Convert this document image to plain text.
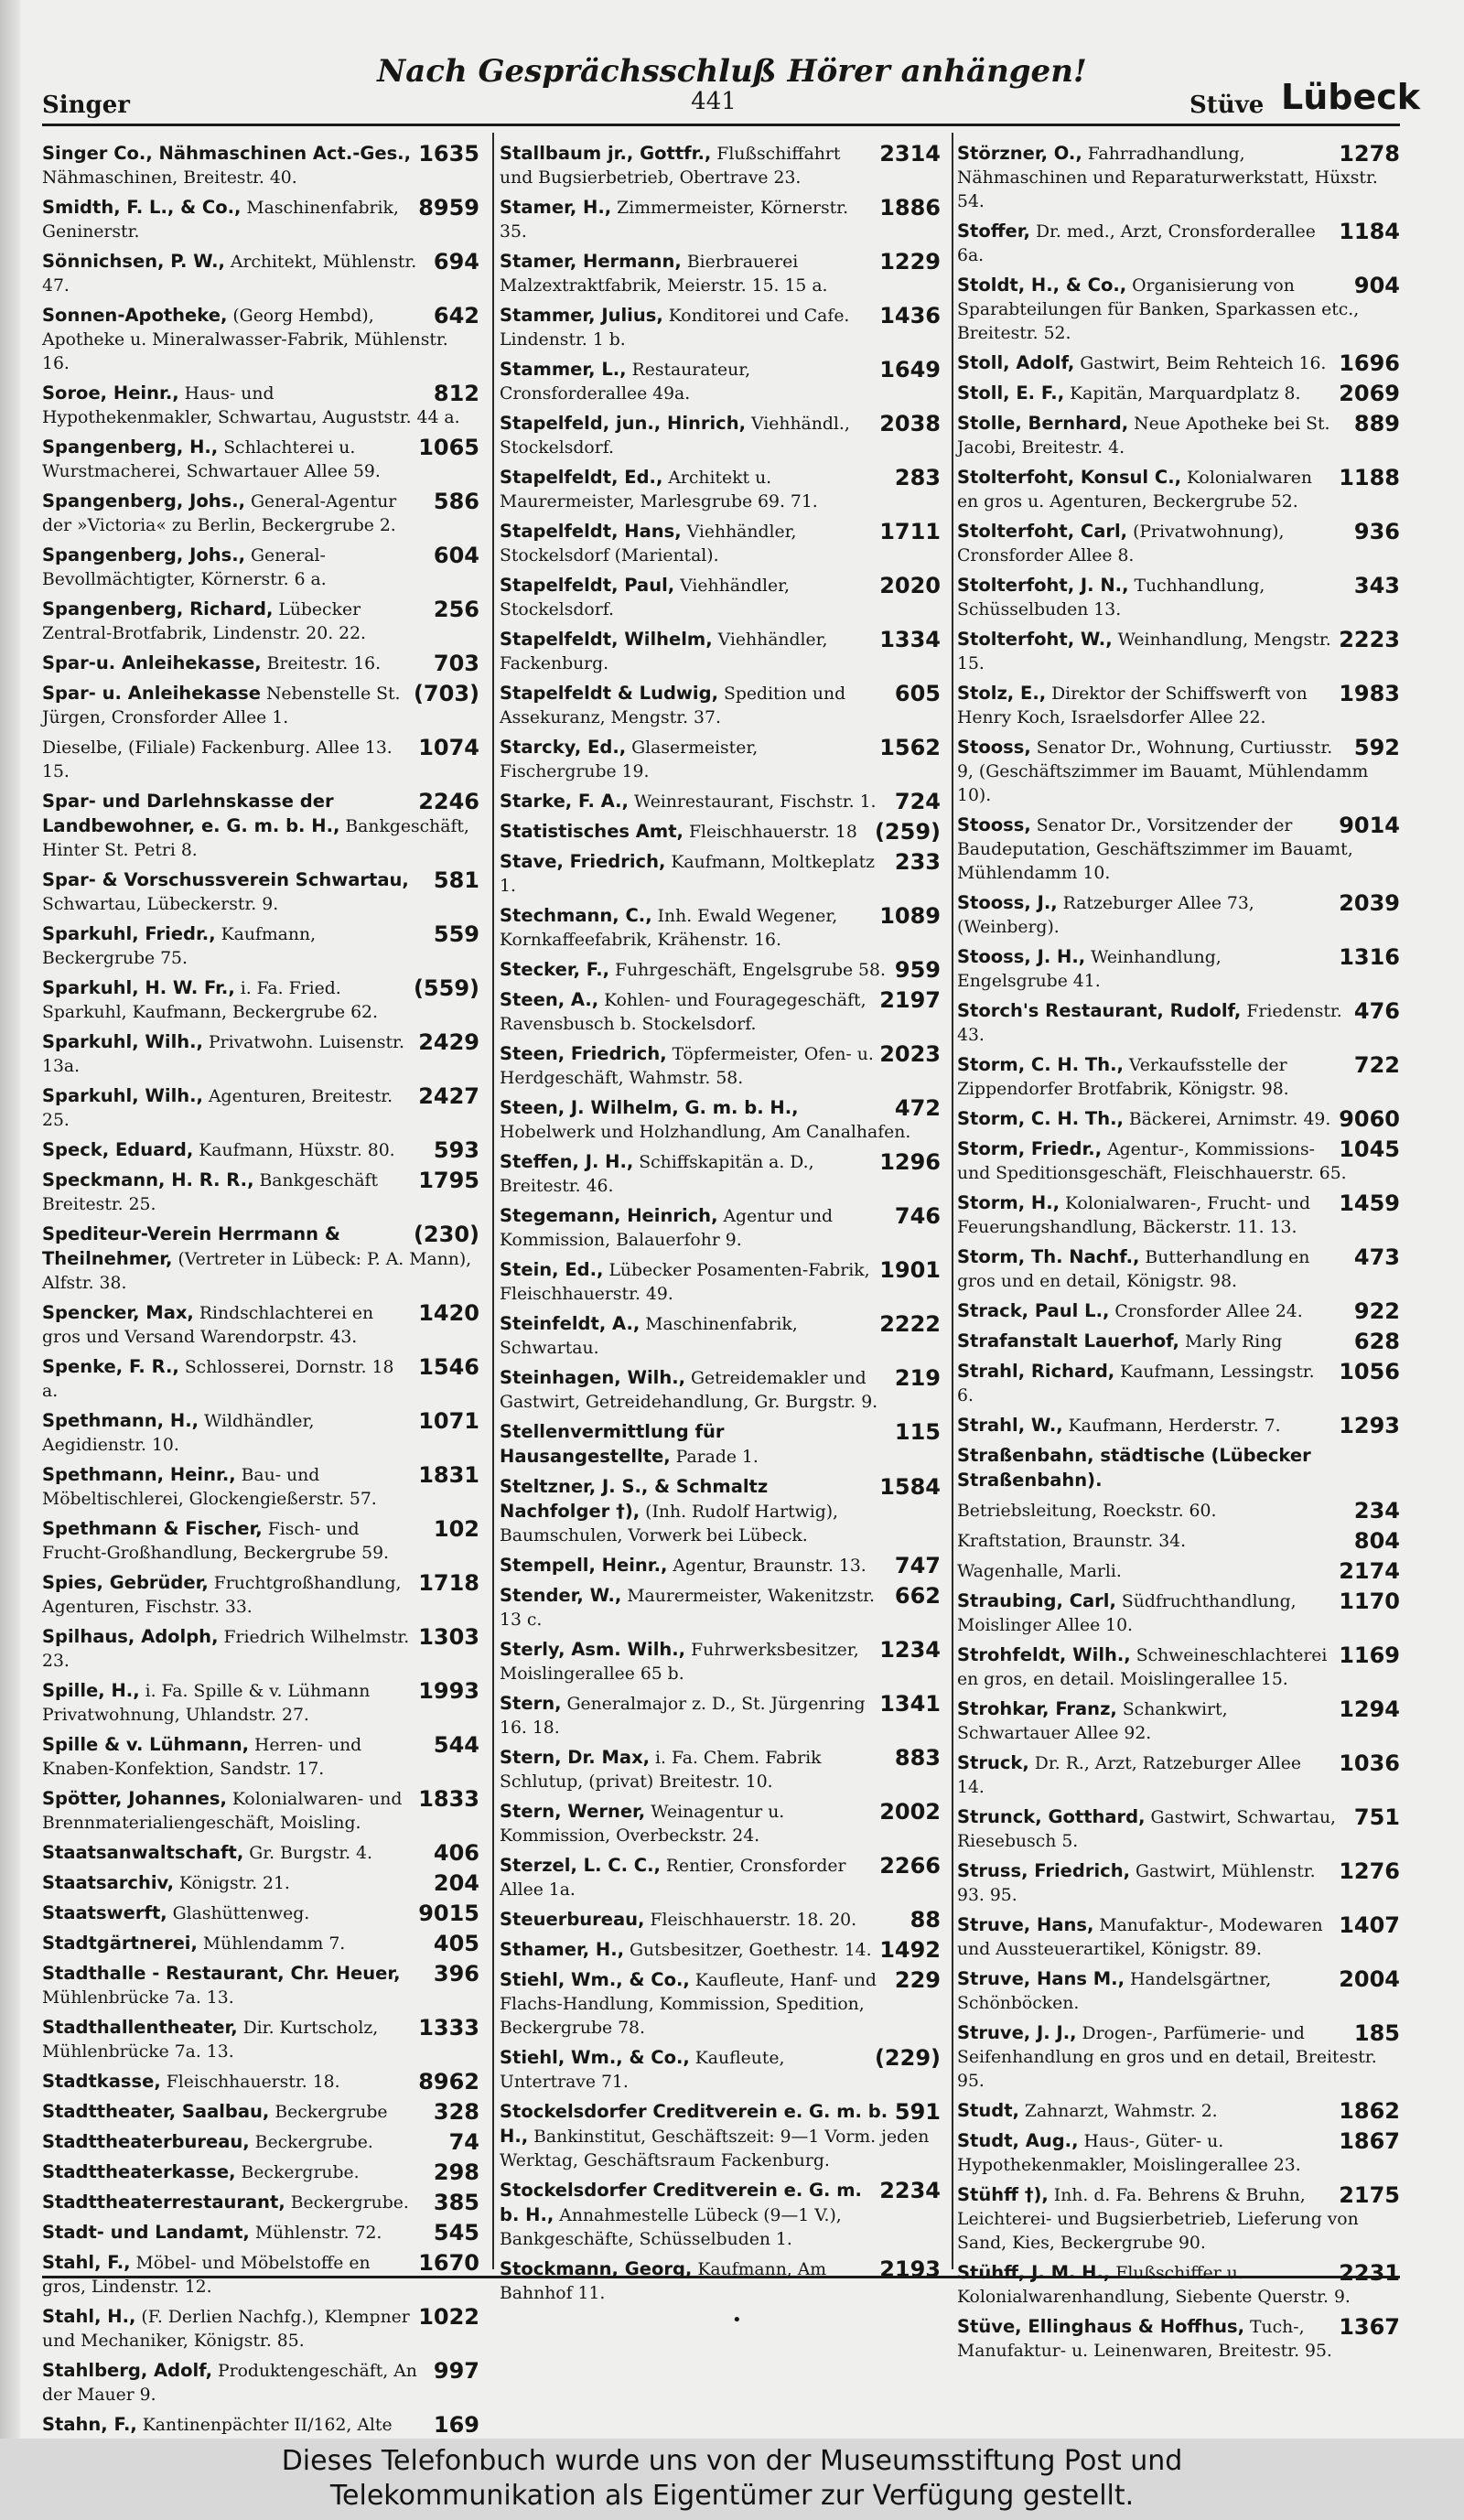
Nach Gesprächsschluß Hörer anhängen!
Singer	441	Stüve Lübeck
1635
Singer Co., Nähmaschinen Act.-Ges., Nähmaschinen, Breitestr. 40.
8959
Smidth, F. L., & Co., Maschinenfabrik, Geninerstr.
694
Sönnichsen, P. W., Architekt, Mühlenstr. 47.
642
Sonnen-Apotheke, (Georg Hembd), Apotheke u. Mineralwasser-Fabrik, Mühlenstr. 16.
812
Soroe, Heinr., Haus- und Hypothekenmakler, Schwartau, Auguststr. 44 a.
1065
Spangenberg, H., Schlachterei u. Wurstmacherei, Schwartauer Allee 59.
586
Spangenberg, Johs., General-Agentur der »Victoria« zu Berlin, Beckergrube 2.
604
Spangenberg, Johs., General-Bevollmächtigter, Körnerstr. 6 a.
256
Spangenberg, Richard, Lübecker Zentral-Brotfabrik, Lindenstr. 20. 22.
703
Spar-u. Anleihekasse, Breitestr. 16.
(703)
Spar- u. Anleihekasse Nebenstelle St. Jürgen, Cronsforder Allee 1.
1074
Dieselbe, (Filiale) Fackenburg. Allee 13. 15.
2246
Spar- und Darlehnskasse der Landbewohner, e. G. m. b. H., Bankgeschäft, Hinter St. Petri 8.
581
Spar- & Vorschussverein Schwartau, Schwartau, Lübeckerstr. 9.
559
Sparkuhl, Friedr., Kaufmann, Beckergrube 75.
(559)
Sparkuhl, H. W. Fr., i. Fa. Fried. Sparkuhl, Kaufmann, Beckergrube 62.
2429
Sparkuhl, Wilh., Privatwohn. Luisenstr. 13a.
2427
Sparkuhl, Wilh., Agenturen, Breitestr. 25.
593
Speck, Eduard, Kaufmann, Hüxstr. 80.
1795
Speckmann, H. R. R., Bankgeschäft Breitestr. 25.
(230)
Spediteur-Verein Herrmann & Theilnehmer, (Vertreter in Lübeck: P. A. Mann), Alfstr. 38.
1420
Spencker, Max, Rindschlachterei en gros und Versand Warendorpstr. 43.
1546
Spenke, F. R., Schlosserei, Dornstr. 18 a.
1071
Spethmann, H., Wildhändler, Aegidienstr. 10.
1831
Spethmann, Heinr., Bau- und Möbeltischlerei, Glockengießerstr. 57.
102
Spethmann & Fischer, Fisch- und Frucht-Großhandlung, Beckergrube 59.
1718
Spies, Gebrüder, Fruchtgroßhandlung, Agenturen, Fischstr. 33.
1303
Spilhaus, Adolph, Friedrich Wilhelmstr. 23.
1993
Spille, H., i. Fa. Spille & v. Lühmann Privatwohnung, Uhlandstr. 27.
544
Spille & v. Lühmann, Herren- und Knaben-Konfektion, Sandstr. 17.
1833
Spötter, Johannes, Kolonialwaren- und Brennmaterialiengeschäft, Moisling.
406
Staatsanwaltschaft, Gr. Burgstr. 4.
204
Staatsarchiv, Königstr. 21.
9015
Staatswerft, Glashüttenweg.
405
Stadtgärtnerei, Mühlendamm 7.
396
Stadthalle - Restaurant, Chr. Heuer, Mühlenbrücke 7a. 13.
1333
Stadthallentheater, Dir. Kurtscholz, Mühlenbrücke 7a. 13.
8962
Stadtkasse, Fleischhauerstr. 18.
328
Stadttheater, Saalbau, Beckergrube
74
Stadttheaterbureau, Beckergrube.
298
Stadttheaterkasse, Beckergrube.
385
Stadttheaterrestaurant, Beckergrube.
545
Stadt- und Landamt, Mühlenstr. 72.
1670
Stahl, F., Möbel- und Möbelstoffe en gros, Lindenstr. 12.
1022
Stahl, H., (F. Derlien Nachfg.), Klempner und Mechaniker, Königstr. 85.
997
Stahlberg, Adolf, Produktengeschäft, An der Mauer 9.
169
Stahn, F., Kantinenpächter II/162, Alte
2314
Stallbaum jr., Gottfr., Flußschiffahrt und Bugsierbetrieb, Obertrave 23.
1886
Stamer, H., Zimmermeister, Körnerstr. 35.
1229
Stamer, Hermann, Bierbrauerei Malzextraktfabrik, Meierstr. 15. 15 a.
1436
Stammer, Julius, Konditorei und Cafe. Lindenstr. 1 b.
1649
Stammer, L., Restaurateur, Cronsforderallee 49a.
2038
Stapelfeld, jun., Hinrich, Viehhändl., Stockelsdorf.
283
Stapelfeldt, Ed., Architekt u. Maurermeister, Marlesgrube 69. 71.
1711
Stapelfeldt, Hans, Viehhändler, Stockelsdorf (Mariental).
2020
Stapelfeldt, Paul, Viehhändler, Stockelsdorf.
1334
Stapelfeldt, Wilhelm, Viehhändler, Fackenburg.
605
Stapelfeldt & Ludwig, Spedition und Assekuranz, Mengstr. 37.
1562
Starcky, Ed., Glasermeister, Fischergrube 19.
724
Starke, F. A., Weinrestaurant, Fischstr. 1.
(259)
Statistisches Amt, Fleischhauerstr. 18
233
Stave, Friedrich, Kaufmann, Moltkeplatz 1.
1089
Stechmann, C., Inh. Ewald Wegener, Kornkaffeefabrik, Krähenstr. 16.
959
Stecker, F., Fuhrgeschäft, Engelsgrube 58.
2197
Steen, A., Kohlen- und Fouragegeschäft, Ravensbusch b. Stockelsdorf.
2023
Steen, Friedrich, Töpfermeister, Ofen- u. Herdgeschäft, Wahmstr. 58.
472
Steen, J. Wilhelm, G. m. b. H., Hobelwerk und Holzhandlung, Am Canalhafen.
1296
Steffen, J. H., Schiffskapitän a. D., Breitestr. 46.
746
Stegemann, Heinrich, Agentur und Kommission, Balauerfohr 9.
1901
Stein, Ed., Lübecker Posamenten-Fabrik, Fleischhauerstr. 49.
2222
Steinfeldt, A., Maschinenfabrik, Schwartau.
219
Steinhagen, Wilh., Getreidemakler und Gastwirt, Getreidehandlung, Gr. Burgstr. 9.
115
Stellenvermittlung für Hausangestellte, Parade 1.
1584
Steltzner, J. S., & Schmaltz Nachfolger †), (Inh. Rudolf Hartwig), Baumschulen, Vorwerk bei Lübeck.
747
Stempell, Heinr., Agentur, Braunstr. 13.
662
Stender, W., Maurermeister, Wakenitzstr. 13 c.
1234
Sterly, Asm. Wilh., Fuhrwerksbesitzer, Moislingerallee 65 b.
1341
Stern, Generalmajor z. D., St. Jürgenring 16. 18.
883
Stern, Dr. Max, i. Fa. Chem. Fabrik Schlutup, (privat) Breitestr. 10.
2002
Stern, Werner, Weinagentur u. Kommission, Overbeckstr. 24.
2266
Sterzel, L. C. C., Rentier, Cronsforder Allee 1a.
88
Steuerbureau, Fleischhauerstr. 18. 20.
1492
Sthamer, H., Gutsbesitzer, Goethestr. 14.
229
Stiehl, Wm., & Co., Kaufleute, Hanf- und Flachs-Handlung, Kommission, Spedition, Beckergrube 78.
(229)
Stiehl, Wm., & Co., Kaufleute, Untertrave 71.
591
Stockelsdorfer Creditverein e. G. m. b. H., Bankinstitut, Geschäftszeit: 9—1 Vorm. jeden Werktag, Geschäftsraum Fackenburg.
2234
Stockelsdorfer Creditverein e. G. m. b. H., Annahmestelle Lübeck (9—1 V.), Bankgeschäfte, Schüsselbuden 1.
2193
Stockmann, Georg, Kaufmann, Am Bahnhof 11.
1278
Störzner, O., Fahrradhandlung, Nähmaschinen und Reparaturwerkstatt, Hüxstr. 54.
1184
Stoffer, Dr. med., Arzt, Cronsforderallee 6a.
904
Stoldt, H., & Co., Organisierung von Sparabteilungen für Banken, Sparkassen etc., Breitestr. 52.
1696
Stoll, Adolf, Gastwirt, Beim Rehteich 16.
2069
Stoll, E. F., Kapitän, Marquardplatz 8.
889
Stolle, Bernhard, Neue Apotheke bei St. Jacobi, Breitestr. 4.
1188
Stolterfoht, Konsul C., Kolonialwaren en gros u. Agenturen, Beckergrube 52.
936
Stolterfoht, Carl, (Privatwohnung), Cronsforder Allee 8.
343
Stolterfoht, J. N., Tuchhandlung, Schüsselbuden 13.
2223
Stolterfoht, W., Weinhandlung, Mengstr. 15.
1983
Stolz, E., Direktor der Schiffswerft von Henry Koch, Israelsdorfer Allee 22.
592
Stooss, Senator Dr., Wohnung, Curtiusstr. 9, (Geschäftszimmer im Bauamt, Mühlendamm 10).
9014
Stooss, Senator Dr., Vorsitzender der Baudeputation, Geschäftszimmer im Bauamt, Mühlendamm 10.
2039
Stooss, J., Ratzeburger Allee 73, (Weinberg).
1316
Stooss, J. H., Weinhandlung, Engelsgrube 41.
476
Storch's Restaurant, Rudolf, Friedenstr. 43.
722
Storm, C. H. Th., Verkaufsstelle der Zippendorfer Brotfabrik, Königstr. 98.
9060
Storm, C. H. Th., Bäckerei, Arnimstr. 49.
1045
Storm, Friedr., Agentur-, Kommissions- und Speditionsgeschäft, Fleischhauerstr. 65.
1459
Storm, H., Kolonialwaren-, Frucht- und Feuerungshandlung, Bäckerstr. 11. 13.
473
Storm, Th. Nachf., Butterhandlung en gros und en detail, Königstr. 98.
922
Strack, Paul L., Cronsforder Allee 24.
628
Strafanstalt Lauerhof, Marly Ring
1056
Strahl, Richard, Kaufmann, Lessingstr. 6.
1293
Strahl, W., Kaufmann, Herderstr. 7.
Straßenbahn, städtische (Lübecker Straßenbahn).
234
Betriebsleitung, Roeckstr. 60.
804
Kraftstation, Braunstr. 34.
2174
Wagenhalle, Marli.
1170
Straubing, Carl, Südfruchthandlung, Moislinger Allee 10.
1169
Strohfeldt, Wilh., Schweineschlachterei en gros, en detail. Moislingerallee 15.
1294
Strohkar, Franz, Schankwirt, Schwartauer Allee 92.
1036
Struck, Dr. R., Arzt, Ratzeburger Allee 14.
751
Strunck, Gotthard, Gastwirt, Schwartau, Riesebusch 5.
1276
Struss, Friedrich, Gastwirt, Mühlenstr. 93. 95.
1407
Struve, Hans, Manufaktur-, Modewaren und Aussteuerartikel, Königstr. 89.
2004
Struve, Hans M., Handelsgärtner, Schönböcken.
185
Struve, J. J., Drogen-, Parfümerie- und Seifenhandlung en gros und en detail, Breitestr. 95.
1862
Studt, Zahnarzt, Wahmstr. 2.
1867
Studt, Aug., Haus-, Güter- u. Hypothekenmakler, Moislingerallee 23.
2175
Stühff †), Inh. d. Fa. Behrens & Bruhn, Leichterei- und Bugsierbetrieb, Lieferung von Sand, Kies, Beckergrube 90.
2231
Stühff, J. M. H., Flußschiffer u. Kolonialwarenhandlung, Siebente Querstr. 9.
1367
Stüve, Ellinghaus & Hoffhus, Tuch-, Manufaktur- u. Leinenwaren, Breitestr. 95.
•
Dieses Telefonbuch wurde uns von der Museumsstiftung Post und
Telekommunikation als Eigentümer zur Verfügung gestellt.
